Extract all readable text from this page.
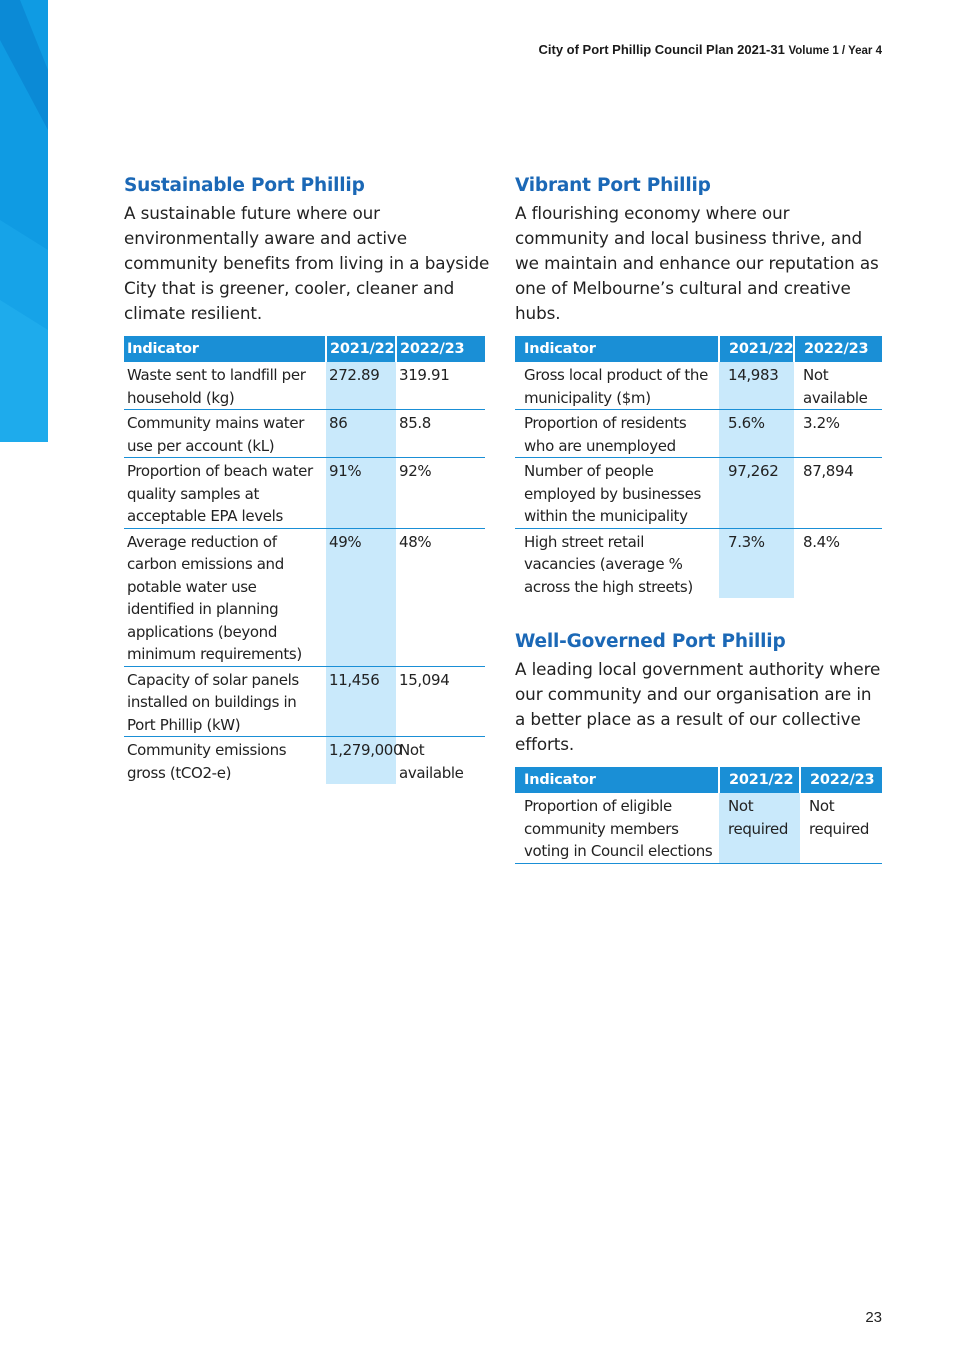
City of Port Phillip Council Plan 2021-31 Volume 1 / Year 4
Sustainable Port Phillip

A sustainable future where our environmentally aware and active community benefits from living in a bayside City that is greener, cooler, cleaner and climate resilient.

Indicator	2021/22	2022/23
Waste sent to landfill per household (kg)	272.89	319.91
Community mains water use per account (kL)	86	85.8
Proportion of beach water quality samples at acceptable EPA levels	91%	92%
Average reduction of carbon emissions and potable water use identified in planning applications (beyond minimum requirements)	49%	48%
Capacity of solar panels installed on buildings in Port Phillip (kW)	11,456	15,094
Community emissions gross (tCO2-e)	1,279,000	Not available
Vibrant Port Phillip

A flourishing economy where our community and local business thrive, and we maintain and enhance our reputation as one of Melbourne’s cultural and creative hubs.

Indicator	2021/22	2022/23
Gross local product of the municipality ($m)	14,983	Not available
Proportion of residents who are unemployed	5.6%	3.2%
Number of people employed by businesses within the municipality	97,262	87,894
High street retail vacancies (average % across the high streets)	7.3%	8.4%
Well-Governed Port Phillip

A leading local government authority where our community and our organisation are in a better place as a result of our collective efforts.

Indicator	2021/22	2022/23
Proportion of eligible community members voting in Council elections	Not required	Not required
23
